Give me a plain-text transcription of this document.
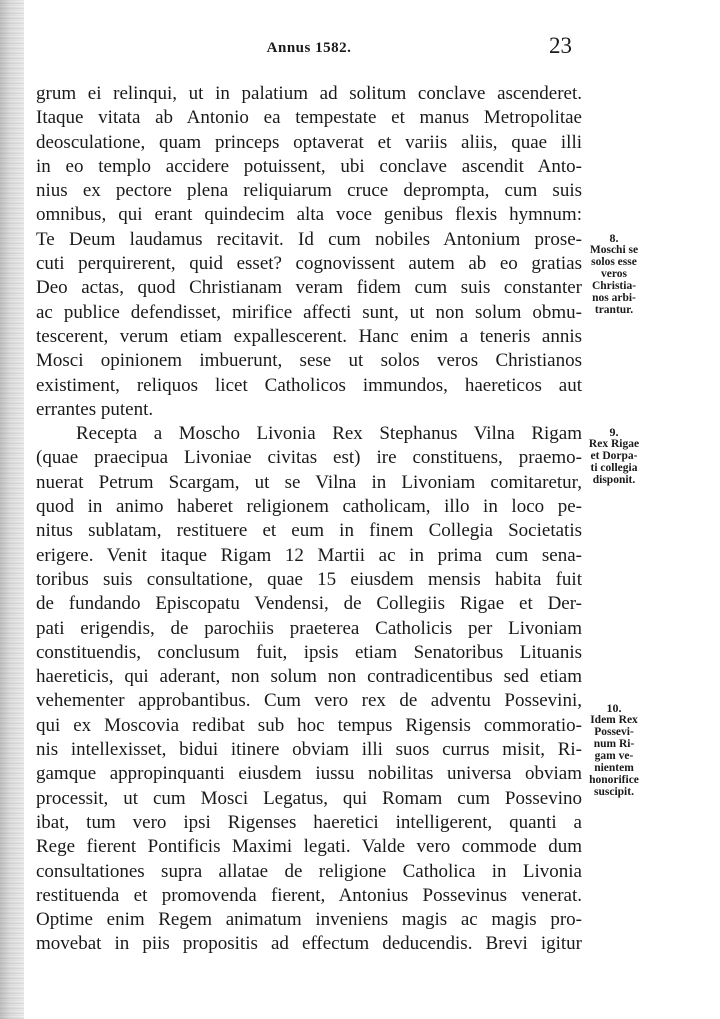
Annus 1582.	23
grum ei relinqui, ut in palatium ad solitum conclave ascenderet.
Itaque vitata ab Antonio ea tempestate et manus Metropolitae
deosculatione, quam princeps optaverat et variis aliis, quae illi
in eo templo accidere potuissent, ubi conclave ascendit Anto-
nius ex pectore plena reliquiarum cruce deprompta, cum suis
omnibus, qui erant quindecim alta voce genibus flexis hymnum:
Te Deum laudamus recitavit. Id cum nobiles Antonium prose-
cuti perquirerent, quid esset? cognovissent autem ab eo gratias
Deo actas, quod Christianam veram fidem cum suis constanter
ac publice defendisset, mirifice affecti sunt, ut non solum obmu-
tescerent, verum etiam expallescerent. Hanc enim a teneris annis
Mosci opinionem imbuerunt, sese ut solos veros Christianos
existiment, reliquos licet Catholicos immundos, haereticos aut
errantes putent.
Recepta a Moscho Livonia Rex Stephanus Vilna Rigam
(quae praecipua Livoniae civitas est) ire constituens, praemo-
nuerat Petrum Scargam, ut se Vilna in Livoniam comitaretur,
quod in animo haberet religionem catholicam, illo in loco pe-
nitus sublatam, restituere et eum in finem Collegia Societatis
erigere. Venit itaque Rigam 12 Martii ac in prima cum sena-
toribus suis consultatione, quae 15 eiusdem mensis habita fuit
de fundando Episcopatu Vendensi, de Collegiis Rigae et Der-
pati erigendis, de parochiis praeterea Catholicis per Livoniam
constituendis, conclusum fuit, ipsis etiam Senatoribus Lituanis
haereticis, qui aderant, non solum non contradicentibus sed etiam
vehementer approbantibus. Cum vero rex de adventu Possevini,
qui ex Moscovia redibat sub hoc tempus Rigensis commoratio-
nis intellexisset, bidui itinere obviam illi suos currus misit, Ri-
gamque appropinquanti eiusdem iussu nobilitas universa obviam
processit, ut cum Mosci Legatus, qui Romam cum Possevino
ibat, tum vero ipsi Rigenses haeretici intelligerent, quanti a
Rege fierent Pontificis Maximi legati. Valde vero commode dum
consultationes supra allatae de religione Catholica in Livonia
restituenda et promovenda fierent, Antonius Possevinus venerat.
Optime enim Regem animatum inveniens magis ac magis pro-
movebat in piis propositis ad effectum deducendis. Brevi igitur
8.
Moschi se
solos esse
veros
Christia-
nos arbi-
trantur.
9.
Rex Rigae
et Dorpa-
ti collegia
disponit.
10.
Idem Rex
Possevi-
num Ri-
gam ve-
nientem
honorifice
suscipit.
